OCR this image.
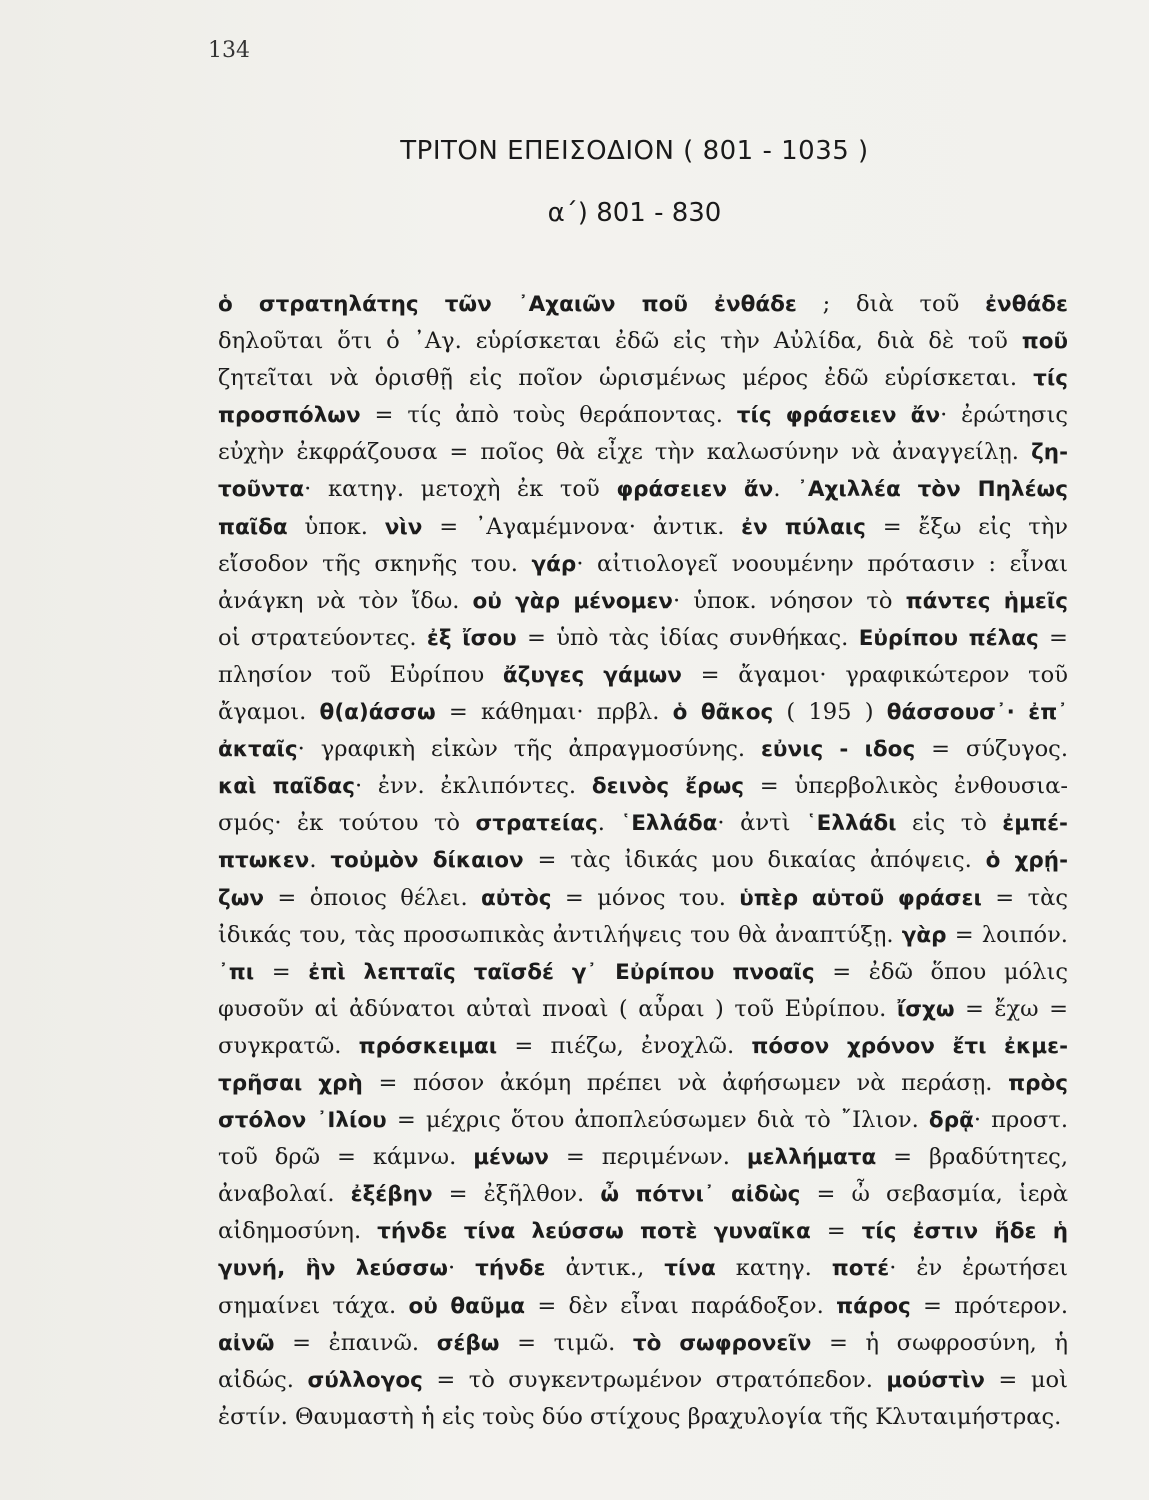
134
ΤΡΙΤΟΝ ΕΠΕΙΣΟΔΙΟΝ ( 801 - 1035 )
α΄) 801 - 830
ὁ στρατηλάτης τῶν ᾿Αχαιῶν ποῦ ἐνθάδε ; διὰ τοῦ ἐνθάδε
δηλοῦται ὅτι ὁ ᾿Αγ. εὑρίσκεται ἐδῶ εἰς τὴν Αὐλίδα, διὰ δὲ τοῦ ποῦ
ζητεῖται νὰ ὁρισθῇ εἰς ποῖον ὡρισμένως μέρος ἐδῶ εὑρίσκεται. τίς
προσπόλων = τίς ἀπὸ τοὺς θεράποντας. τίς φράσειεν ἄν· ἐρώτησις
εὐχὴν ἐκφράζουσα = ποῖος θὰ εἶχε τὴν καλωσύνην νὰ ἀναγγείλῃ. ζη-
τοῦντα· κατηγ. μετοχὴ ἐκ τοῦ φράσειεν ἄν. ᾿Αχιλλέα τὸν Πηλέως
παῖδα ὑποκ. νὶν = ᾿Αγαμέμνονα· ἀντικ. ἐν πύλαις = ἔξω εἰς τὴν
εἴσοδον τῆς σκηνῆς του. γάρ· αἰτιολογεῖ νοουμένην πρότασιν : εἶναι
ἀνάγκη νὰ τὸν ἴδω. οὐ γὰρ μένομεν· ὑποκ. νόησον τὸ πάντες ἡμεῖς
οἱ στρατεύοντες. ἐξ ἴσου = ὑπὸ τὰς ἰδίας συνθήκας. Εὐρίπου πέλας =
πλησίον τοῦ Εὐρίπου ἄζυγες γάμων = ἄγαμοι· γραφικώτερον τοῦ
ἄγαμοι. θ(α)άσσω = κάθημαι· πρβλ. ὁ θᾶκος ( 195 ) θάσσουσ᾿· ἐπ᾿
ἀκταῖς· γραφικὴ εἰκὼν τῆς ἀπραγμοσύνης. εὐνις - ιδος = σύζυγος.
καὶ παῖδας· ἐνν. ἐκλιπόντες. δεινὸς ἔρως = ὑπερβολικὸς ἐνθουσια-
σμός· ἐκ τούτου τὸ στρατείας. ῾Ελλάδα· ἀντὶ ῾Ελλάδι εἰς τὸ ἐμπέ-
πτωκεν. τοὐμὸν δίκαιον = τὰς ἰδικάς μου δικαίας ἀπόψεις. ὁ χρῄ-
ζων = ὁποιος θέλει. αὐτὸς = μόνος του. ὑπὲρ αὑτοῦ φράσει = τὰς
ἰδικάς του, τὰς προσωπικὰς ἀντιλήψεις του θὰ ἀναπτύξῃ. γὰρ = λοιπόν.
᾿πι = ἐπὶ λεπταῖς ταῖσδέ γ᾿ Εὐρίπου πνοαῖς = ἐδῶ ὅπου μόλις
φυσοῦν αἱ ἀδύνατοι αὐταὶ πνοαὶ ( αὖραι ) τοῦ Εὐρίπου. ἴσχω = ἔχω =
συγκρατῶ. πρόσκειμαι = πιέζω, ἐνοχλῶ. πόσον χρόνον ἔτι ἐκμε-
τρῆσαι χρὴ = πόσον ἀκόμη πρέπει νὰ ἀφήσωμεν νὰ περάσῃ. πρὸς
στόλον ᾿Ιλίου = μέχρις ὅτου ἀποπλεύσωμεν διὰ τὸ ῎Ιλιον. δρᾷ· προστ.
τοῦ δρῶ = κάμνω. μένων = περιμένων. μελλήματα = βραδύτητες,
ἀναβολαί. ἐξέβην = ἐξῆλθον. ὦ πότνι᾿ αἰδὼς = ὦ σεβασμία, ἱερὰ
αἰδημοσύνη. τήνδε τίνα λεύσσω ποτὲ γυναῖκα = τίς ἐστιν ἥδε ἡ
γυνή, ἣν λεύσσω· τήνδε ἀντικ., τίνα κατηγ. ποτέ· ἐν ἐρωτήσει
σημαίνει τάχα. οὐ θαῦμα = δὲν εἶναι παράδοξον. πάρος = πρότερον.
αἰνῶ = ἐπαινῶ. σέβω = τιμῶ. τὸ σωφρονεῖν = ἡ σωφροσύνη, ἡ
αἰδώς. σύλλογος = τὸ συγκεντρωμένον στρατόπεδον. μούστὶν = μοὶ
ἐστίν. Θαυμαστὴ ἡ εἰς τοὺς δύο στίχους βραχυλογία τῆς Κλυταιμήστρας.
